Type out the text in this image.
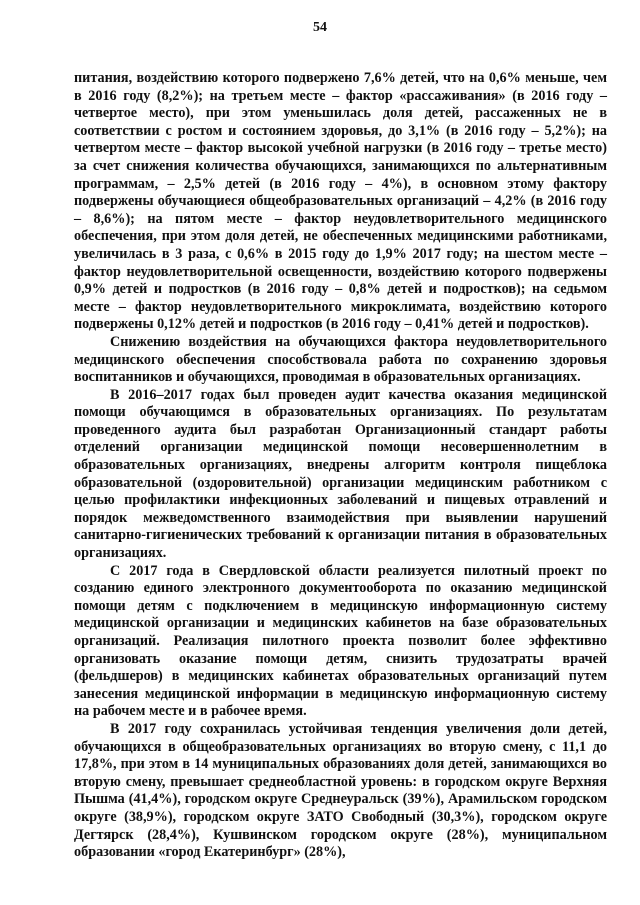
54

питания, воздействию которого подвержено 7,6% детей, что на 0,6% меньше, чем в 2016 году (8,2%); на третьем месте – фактор «рассаживания» (в 2016 году – четвертое место), при этом уменьшилась доля детей, рассаженных не в соответствии с ростом и состоянием здоровья, до 3,1% (в 2016 году – 5,2%); на четвертом месте – фактор высокой учебной нагрузки (в 2016 году – третье место) за счет снижения количества обучающихся, занимающихся по альтернативным программам, – 2,5% детей (в 2016 году – 4%), в основном этому фактору подвержены обучающиеся общеобразовательных организаций – 4,2% (в 2016 году – 8,6%); на пятом месте – фактор неудовлетворительного медицинского обеспечения, при этом доля детей, не обеспеченных медицинскими работниками, увеличилась в 3 раза, с 0,6% в 2015 году до 1,9% 2017 году; на шестом месте – фактор неудовлетворительной освещенности, воздействию которого подвержены 0,9% детей и подростков (в 2016 году – 0,8% детей и подростков); на седьмом месте – фактор неудовлетворительного микроклимата, воздействию которого подвержены 0,12% детей и подростков (в 2016 году – 0,41% детей и подростков).

Снижению воздействия на обучающихся фактора неудовлетворительного медицинского обеспечения способствовала работа по сохранению здоровья воспитанников и обучающихся, проводимая в образовательных организациях.

В 2016–2017 годах был проведен аудит качества оказания медицинской помощи обучающимся в образовательных организациях. По результатам проведенного аудита был разработан Организационный стандарт работы отделений организации медицинской помощи несовершеннолетним в образовательных организациях, внедрены алгоритм контроля пищеблока образовательной (оздоровительной) организации медицинским работником с целью профилактики инфекционных заболеваний и пищевых отравлений и порядок межведомственного взаимодействия при выявлении нарушений санитарно-гигиенических требований к организации питания в образовательных организациях.

С 2017 года в Свердловской области реализуется пилотный проект по созданию единого электронного документооборота по оказанию медицинской помощи детям с подключением в медицинскую информационную систему медицинской организации и медицинских кабинетов на базе образовательных организаций. Реализация пилотного проекта позволит более эффективно организовать оказание помощи детям, снизить трудозатраты врачей (фельдшеров) в медицинских кабинетах образовательных организаций путем занесения медицинской информации в медицинскую информационную систему на рабочем месте и в рабочее время.

В 2017 году сохранилась устойчивая тенденция увеличения доли детей, обучающихся в общеобразовательных организациях во вторую смену, с 11,1 до 17,8%, при этом в 14 муниципальных образованиях доля детей, занимающихся во вторую смену, превышает среднеобластной уровень: в городском округе Верхняя Пышма (41,4%), городском округе Среднеуральск (39%), Арамильском городском округе (38,9%), городском округе ЗАТО Свободный (30,3%), городском округе Дегтярск (28,4%), Кушвинском городском округе (28%), муниципальном образовании «город Екатеринбург» (28%),
